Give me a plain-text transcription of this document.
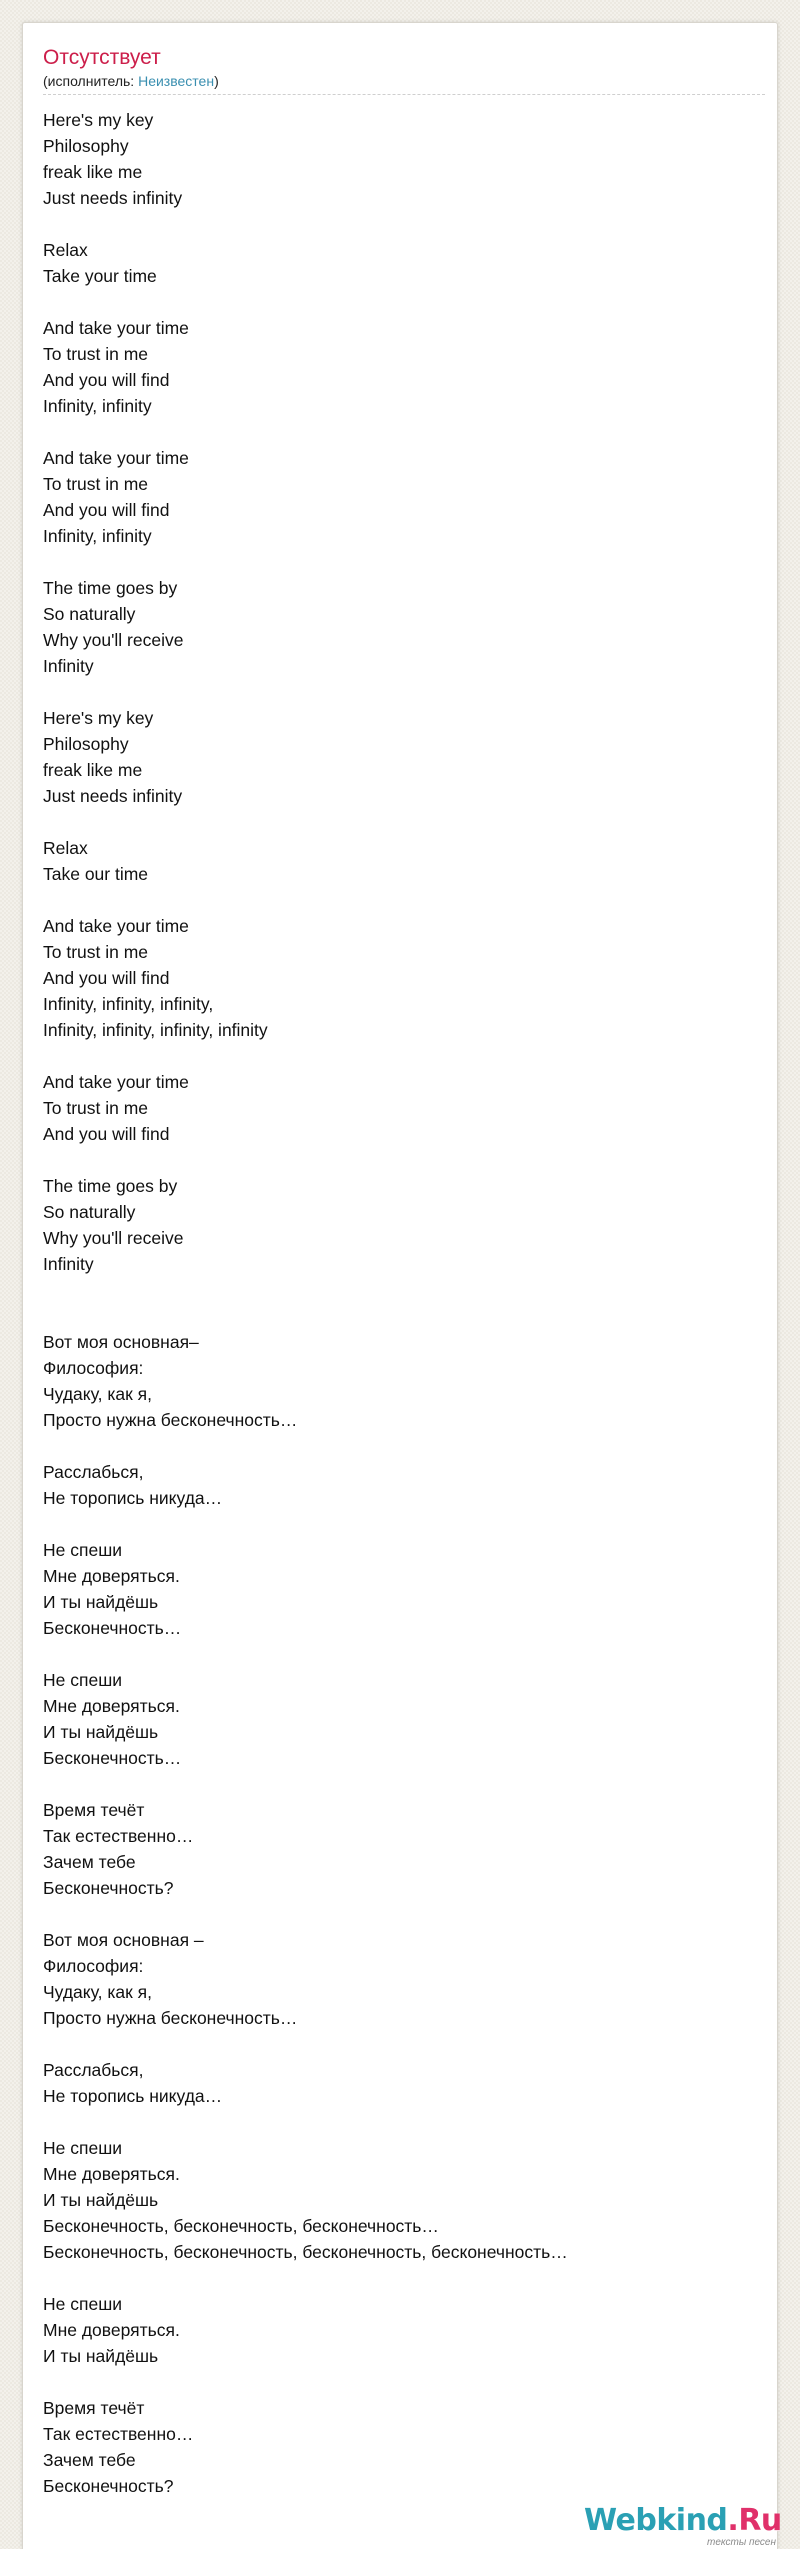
Отсутствует
(исполнитель: Неизвестен)
Here's my key
Philosophy
freak like me
Just needs infinity
Relax
Take your time
And take your time
To trust in me
And you will find
Infinity, infinity
And take your time
To trust in me
And you will find
Infinity, infinity
The time goes by
So naturally
Why you'll receive
Infinity
Here's my key
Philosophy
freak like me
Just needs infinity
Relax
Take our time
And take your time
To trust in me
And you will find
Infinity, infinity, infinity,
Infinity, infinity, infinity, infinity
And take your time
To trust in me
And you will find
The time goes by
So naturally
Why you'll receive
Infinity
Вот моя основная–
Философия:
Чудаку, как я,
Просто нужна бесконечность…
Расслабься,
Не торопись никуда…
Не спеши
Мне доверяться.
И ты найдёшь
Бесконечность…
Не спеши
Мне доверяться.
И ты найдёшь
Бесконечность…
Время течёт
Так естественно…
Зачем тебе
Бесконечность?
Вот моя основная –
Философия:
Чудаку, как я,
Просто нужна бесконечность…
Расслабься,
Не торопись никуда…
Не спеши
Мне доверяться.
И ты найдёшь
Бесконечность, бесконечность, бесконечность…
Бесконечность, бесконечность, бесконечность, бесконечность…
Не спеши
Мне доверяться.
И ты найдёшь
Время течёт
Так естественно…
Зачем тебе
Бесконечность?
Webkind.Ru
тексты песен
